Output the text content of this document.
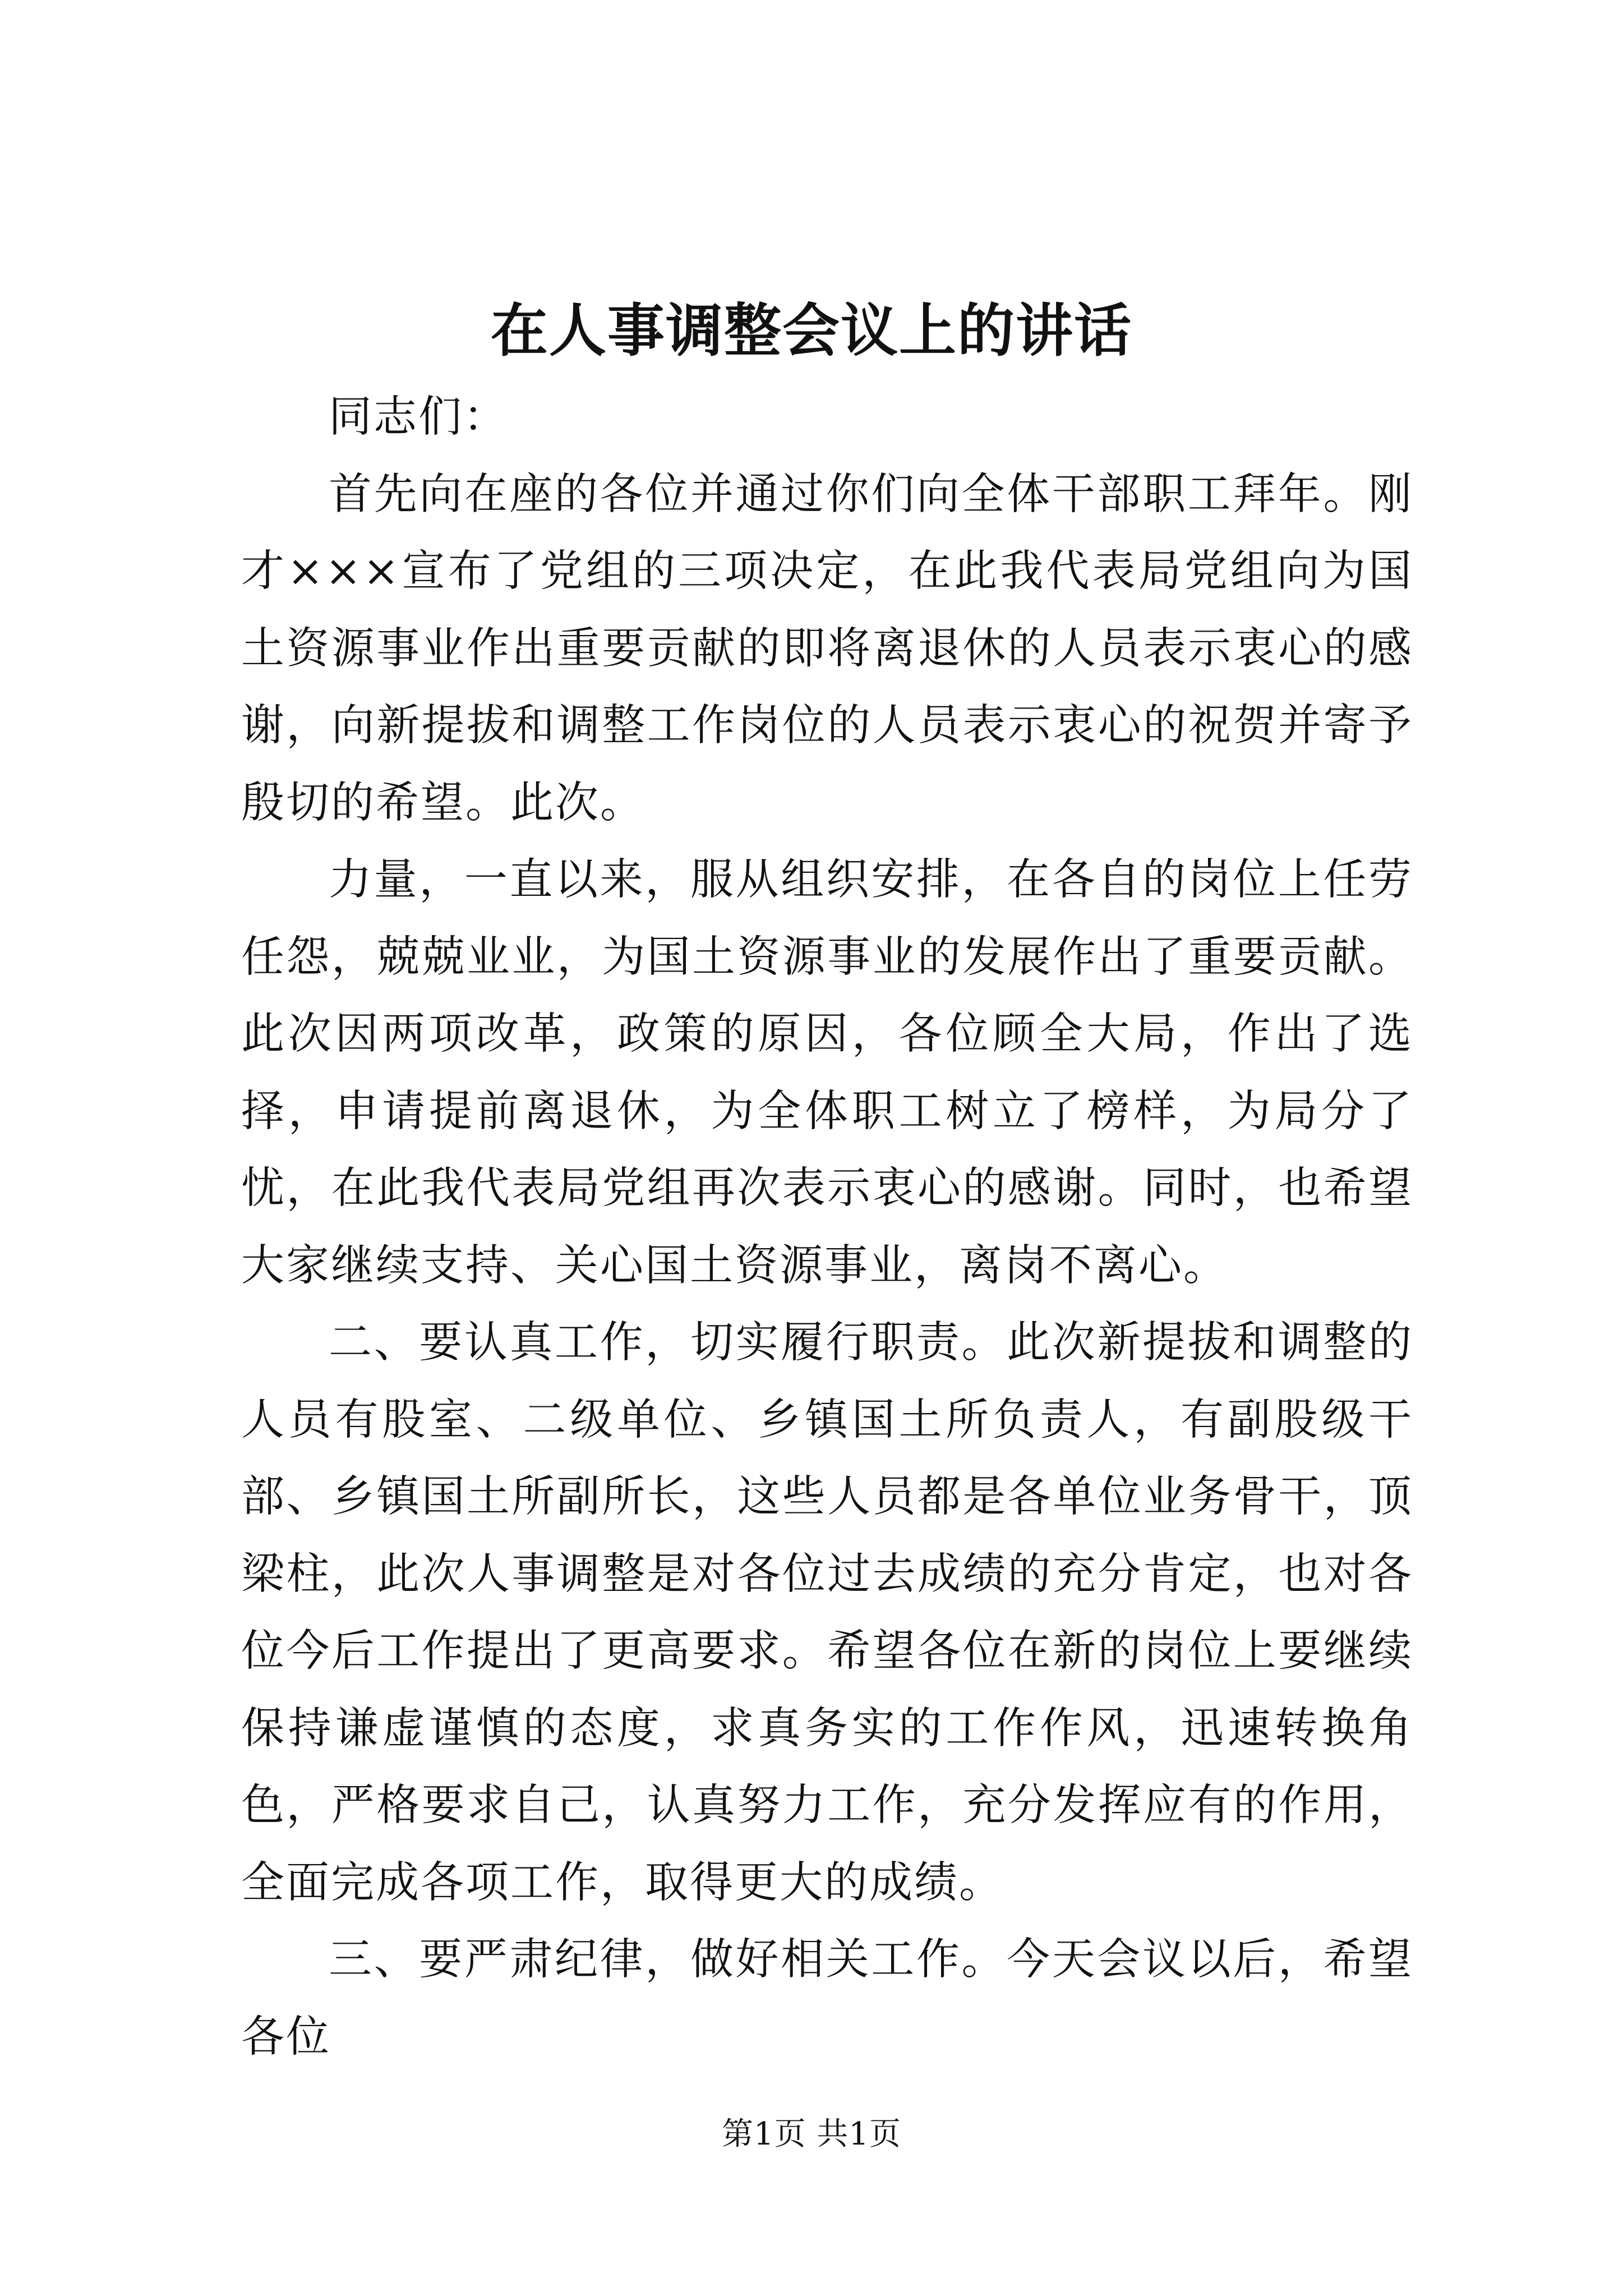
在人事调整会议上的讲话

同志们：

首先向在座的各位并通过你们向全体干部职工拜年。刚才×××宣布了党组的三项决定，在此我代表局党组向为国土资源事业作出重要贡献的即将离退休的人员表示衷心的感谢，向新提拔和调整工作岗位的人员表示衷心的祝贺并寄予殷切的希望。此次。

力量，一直以来，服从组织安排，在各自的岗位上任劳任怨，兢兢业业，为国土资源事业的发展作出了重要贡献。此次因两项改革，政策的原因，各位顾全大局，作出了选择，申请提前离退休，为全体职工树立了榜样，为局分了忧，在此我代表局党组再次表示衷心的感谢。同时，也希望大家继续支持、关心国土资源事业，离岗不离心。

二、要认真工作，切实履行职责。此次新提拔和调整的人员有股室、二级单位、乡镇国土所负责人，有副股级干部、乡镇国土所副所长，这些人员都是各单位业务骨干，顶梁柱，此次人事调整是对各位过去成绩的充分肯定，也对各位今后工作提出了更高要求。希望各位在新的岗位上要继续保持谦虚谨慎的态度，求真务实的工作作风，迅速转换角色，严格要求自己，认真努力工作，充分发挥应有的作用，全面完成各项工作，取得更大的成绩。

三、要严肃纪律，做好相关工作。今天会议以后，希望各位

第1页 共1页
